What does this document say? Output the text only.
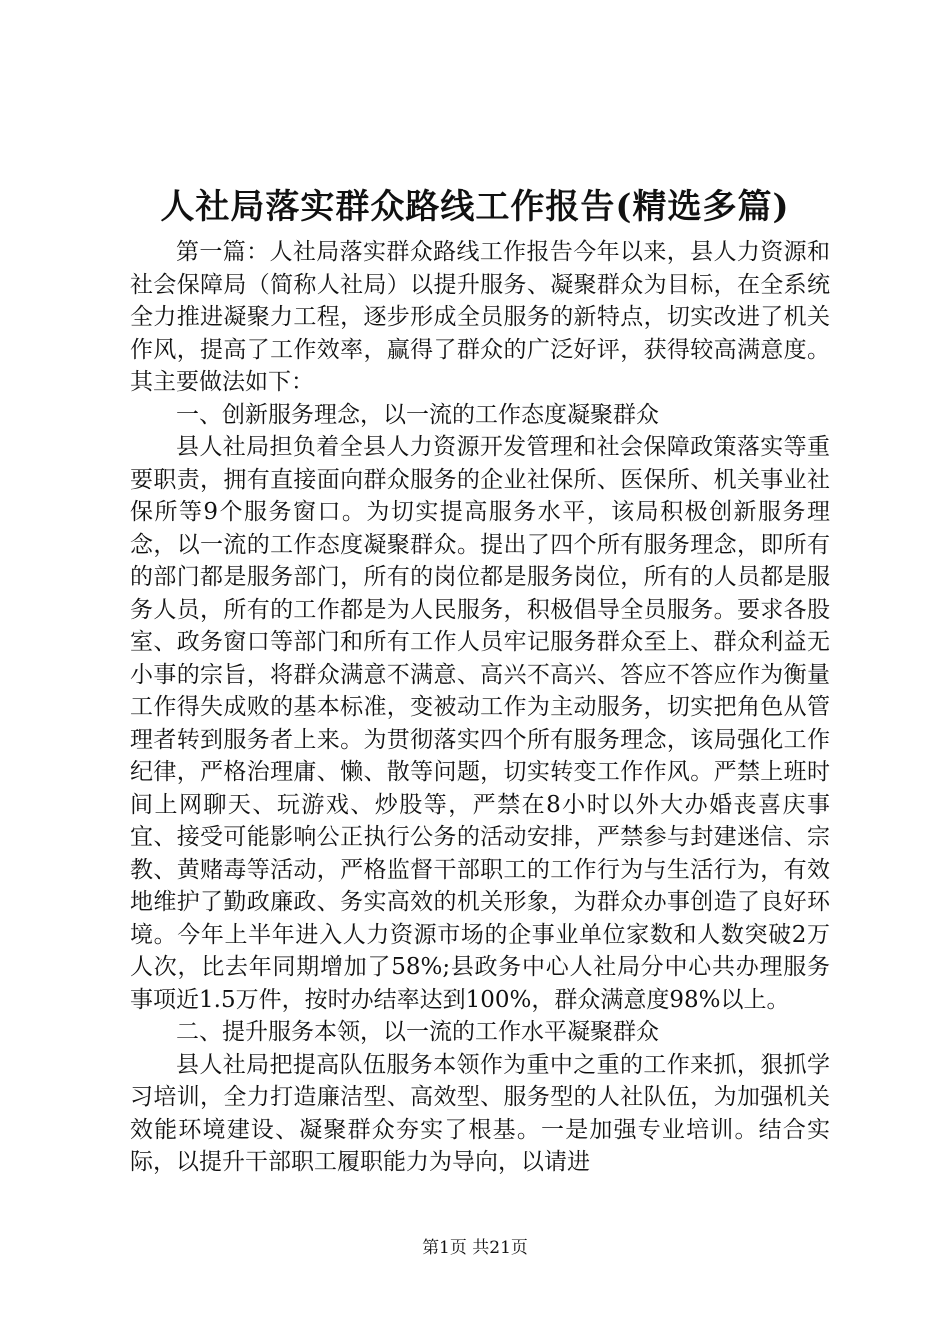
人社局落实群众路线工作报告(精选多篇)

第一篇：人社局落实群众路线工作报告今年以来，县人力资源和社会保障局（简称人社局）以提升服务、凝聚群众为目标，在全系统全力推进凝聚力工程，逐步形成全员服务的新特点，切实改进了机关作风，提高了工作效率，赢得了群众的广泛好评，获得较高满意度。其主要做法如下：

一、创新服务理念，以一流的工作态度凝聚群众

县人社局担负着全县人力资源开发管理和社会保障政策落实等重要职责，拥有直接面向群众服务的企业社保所、医保所、机关事业社保所等9个服务窗口。为切实提高服务水平，该局积极创新服务理念，以一流的工作态度凝聚群众。提出了四个所有服务理念，即所有的部门都是服务部门，所有的岗位都是服务岗位，所有的人员都是服务人员，所有的工作都是为人民服务，积极倡导全员服务。要求各股室、政务窗口等部门和所有工作人员牢记服务群众至上、群众利益无小事的宗旨，将群众满意不满意、高兴不高兴、答应不答应作为衡量工作得失成败的基本标准，变被动工作为主动服务，切实把角色从管理者转到服务者上来。为贯彻落实四个所有服务理念，该局强化工作纪律，严格治理庸、懒、散等问题，切实转变工作作风。严禁上班时间上网聊天、玩游戏、炒股等，严禁在8小时以外大办婚丧喜庆事宜、接受可能影响公正执行公务的活动安排，严禁参与封建迷信、宗教、黄赌毒等活动，严格监督干部职工的工作行为与生活行为，有效地维护了勤政廉政、务实高效的机关形象，为群众办事创造了良好环境。今年上半年进入人力资源市场的企事业单位家数和人数突破2万人次，比去年同期增加了58%;县政务中心人社局分中心共办理服务事项近1.5万件，按时办结率达到100%，群众满意度98%以上。

二、提升服务本领，以一流的工作水平凝聚群众

县人社局把提高队伍服务本领作为重中之重的工作来抓，狠抓学习培训，全力打造廉洁型、高效型、服务型的人社队伍，为加强机关效能环境建设、凝聚群众夯实了根基。一是加强专业培训。结合实际，以提升干部职工履职能力为导向，以请进

第1页 共21页
